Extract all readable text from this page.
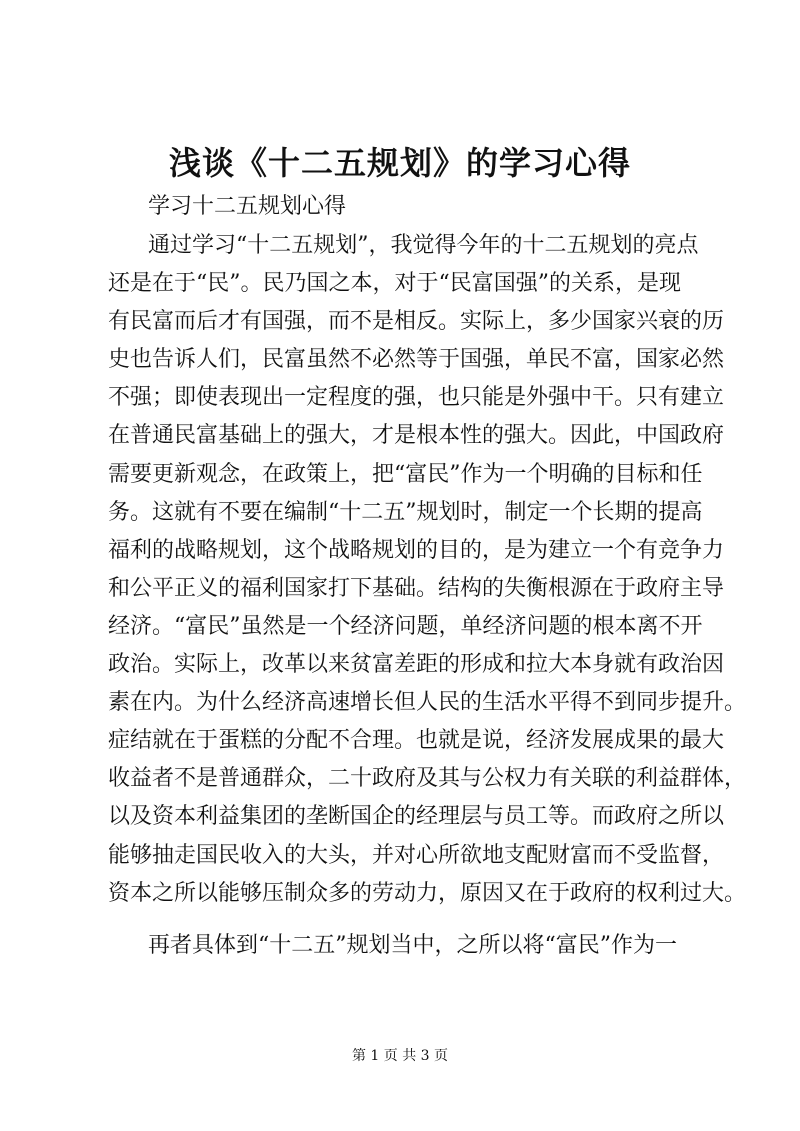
浅谈《十二五规划》的学习心得

学习十二五规划心得

通过学习“十二五规划”，我觉得今年的十二五规划的亮点
还是在于“民”。民乃国之本，对于“民富国强”的关系，是现
有民富而后才有国强，而不是相反。实际上，多少国家兴衰的历
史也告诉人们，民富虽然不必然等于国强，单民不富，国家必然
不强；即使表现出一定程度的强，也只能是外强中干。只有建立
在普通民富基础上的强大，才是根本性的强大。因此，中国政府
需要更新观念，在政策上，把“富民”作为一个明确的目标和任
务。这就有不要在编制“十二五”规划时，制定一个长期的提高
福利的战略规划，这个战略规划的目的，是为建立一个有竞争力
和公平正义的福利国家打下基础。结构的失衡根源在于政府主导
经济。“富民”虽然是一个经济问题，单经济问题的根本离不开
政治。实际上，改革以来贫富差距的形成和拉大本身就有政治因
素在内。为什么经济高速增长但人民的生活水平得不到同步提升。
症结就在于蛋糕的分配不合理。也就是说，经济发展成果的最大
收益者不是普通群众，二十政府及其与公权力有关联的利益群体，
以及资本利益集团的垄断国企的经理层与员工等。而政府之所以
能够抽走国民收入的大头，并对心所欲地支配财富而不受监督，
资本之所以能够压制众多的劳动力，原因又在于政府的权利过大。

再者具体到“十二五”规划当中，之所以将“富民”作为一

第 1 页 共 3 页
